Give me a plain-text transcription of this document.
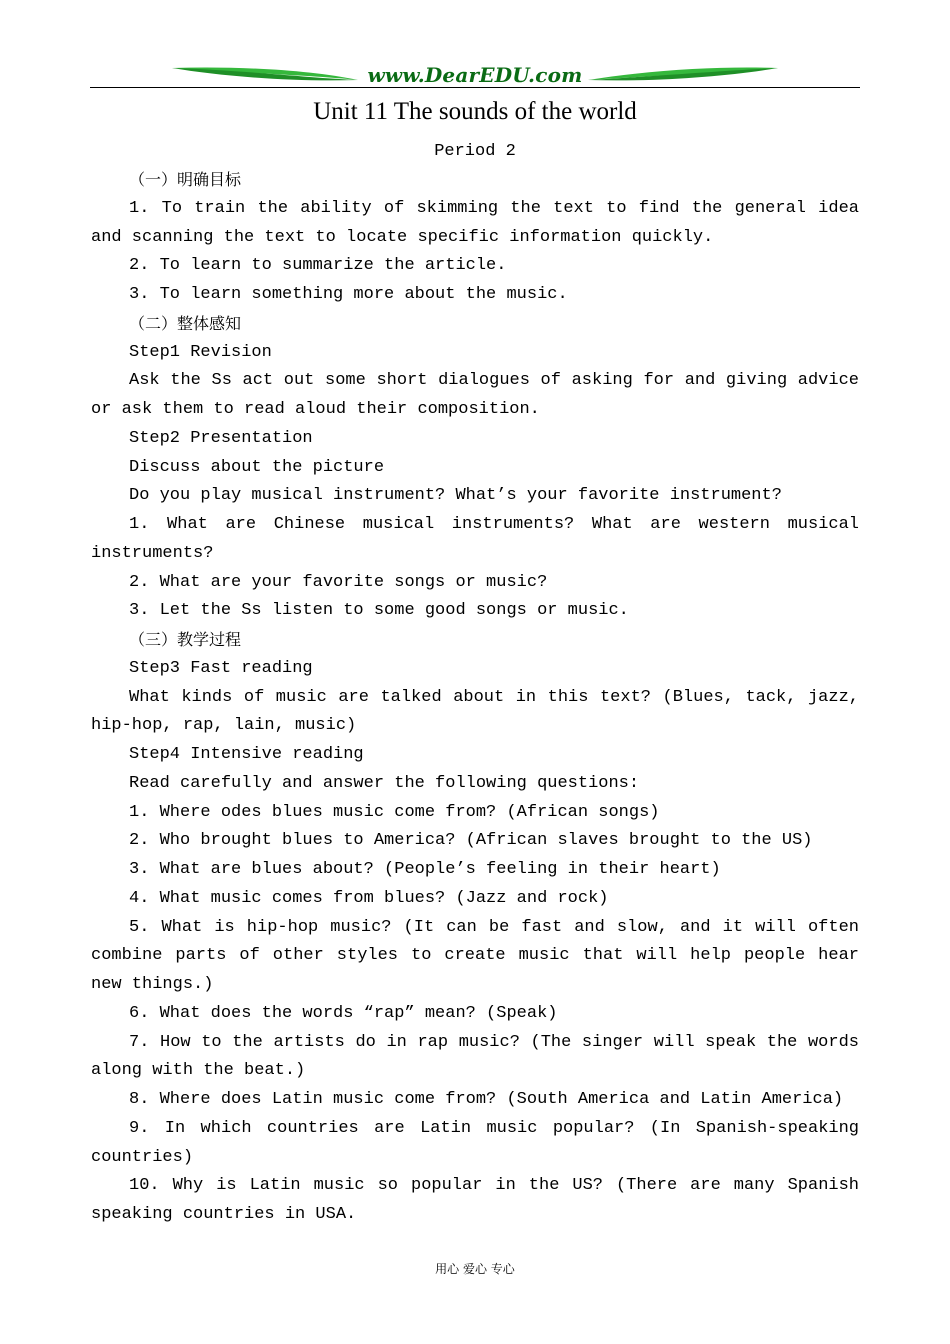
www.DearEDU.com
Unit 11 The sounds of the world
Period 2

（一）明确目标

1. To train the ability of skimming the text to find the general idea and scanning the text to locate specific information quickly.

2. To learn to summarize the article.

3. To learn something more about the music.

（二）整体感知

Step1 Revision

Ask the Ss act out some short dialogues of asking for and giving advice or ask them to read aloud their composition.

Step2 Presentation

Discuss about the picture

Do you play musical instrument? What’s your favorite instrument?

1. What are Chinese musical instruments? What are western musical instruments?

2. What are your favorite songs or music?

3. Let the Ss listen to some good songs or music.

（三）教学过程

Step3 Fast reading

What kinds of music are talked about in this text? (Blues, tack, jazz, hip-hop, rap, lain, music)

Step4 Intensive reading

Read carefully and answer the following questions:

1. Where odes blues music come from? (African songs)

2. Who brought blues to America? (African slaves brought to the US)

3. What are blues about? (People’s feeling in their heart)

4. What music comes from blues? (Jazz and rock)

5. What is hip-hop music? (It can be fast and slow, and it will often combine parts of other styles to create music that will help people hear new things.)

6. What does the words “rap” mean? (Speak)

7. How to the artists do in rap music? (The singer will speak the words along with the beat.)

8. Where does Latin music come from? (South America and Latin America)

9. In which countries are Latin music popular? (In Spanish-speaking countries)

10. Why is Latin music so popular in the US? (There are many Spanish speaking countries in USA.

用心 爱心 专心
